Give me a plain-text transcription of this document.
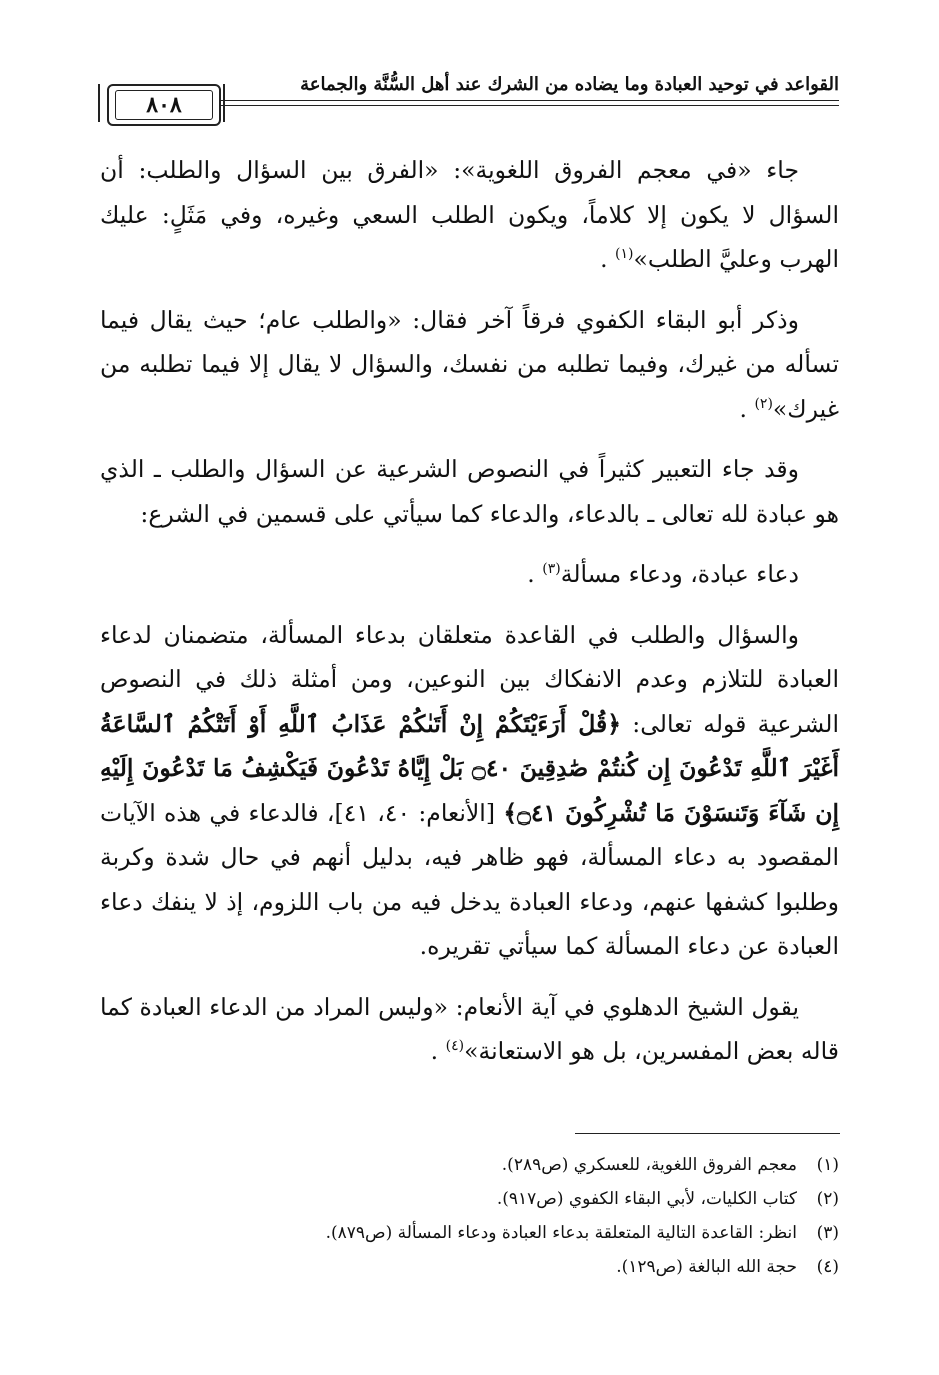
القواعد في توحيد العبادة وما يضاده من الشرك عند أهل السُّنَّة والجماعة
٨٠٨

جاء «في معجم الفروق اللغوية»: «الفرق بين السؤال والطلب: أن السؤال لا يكون إلا كلاماً، ويكون الطلب السعي وغيره، وفي مَثَلٍ: عليك الهرب وعليَّ الطلب»$^{(١)}$ .

وذكر أبو البقاء الكفوي فرقاً آخر فقال: «والطلب عام؛ حيث يقال فيما تسأله من غيرك، وفيما تطلبه من نفسك، والسؤال لا يقال إلا فيما تطلبه من غيرك»$^{(٢)}$ .

وقد جاء التعبير كثيراً في النصوص الشرعية عن السؤال والطلب ـ الذي هو عبادة لله تعالى ـ بالدعاء، والدعاء كما سيأتي على قسمين في الشرع:

دعاء عبادة، ودعاء مسألة$^{(٣)}$ .

والسؤال والطلب في القاعدة متعلقان بدعاء المسألة، متضمنان لدعاء العبادة للتلازم وعدم الانفكاك بين النوعين، ومن أمثلة ذلك في النصوص الشرعية قوله تعالى: ﴿قُلْ أَرَءَيْتَكُمْ إِنْ أَتَىٰكُمْ عَذَابُ ٱللَّهِ أَوْ أَتَتْكُمُ ٱلسَّاعَةُ أَغَيْرَ ٱللَّهِ تَدْعُونَ إِن كُنتُمْ صَٰدِقِينَ ۝٤٠ بَلْ إِيَّاهُ تَدْعُونَ فَيَكْشِفُ مَا تَدْعُونَ إِلَيْهِ إِن شَآءَ وَتَنسَوْنَ مَا تُشْرِكُونَ ۝٤١﴾ [الأنعام: ٤٠، ٤١]، فالدعاء في هذه الآيات المقصود به دعاء المسألة، فهو ظاهر فيه، بدليل أنهم في حال شدة وكربة وطلبوا كشفها عنهم، ودعاء العبادة يدخل فيه من باب اللزوم، إذ لا ينفك دعاء العبادة عن دعاء المسألة كما سيأتي تقريره.

يقول الشيخ الدهلوي في آية الأنعام: «وليس المراد من الدعاء العبادة كما قاله بعض المفسرين، بل هو الاستعانة»$^{(٤)}$ .

(١)
معجم الفروق اللغوية، للعسكري (ص٢٨٩).
(٢)
كتاب الكليات، لأبي البقاء الكفوي (ص٩١٧).
(٣)
انظر: القاعدة التالية المتعلقة بدعاء العبادة ودعاء المسألة (ص٨٧٩).
(٤)
حجة الله البالغة (ص١٢٩).
